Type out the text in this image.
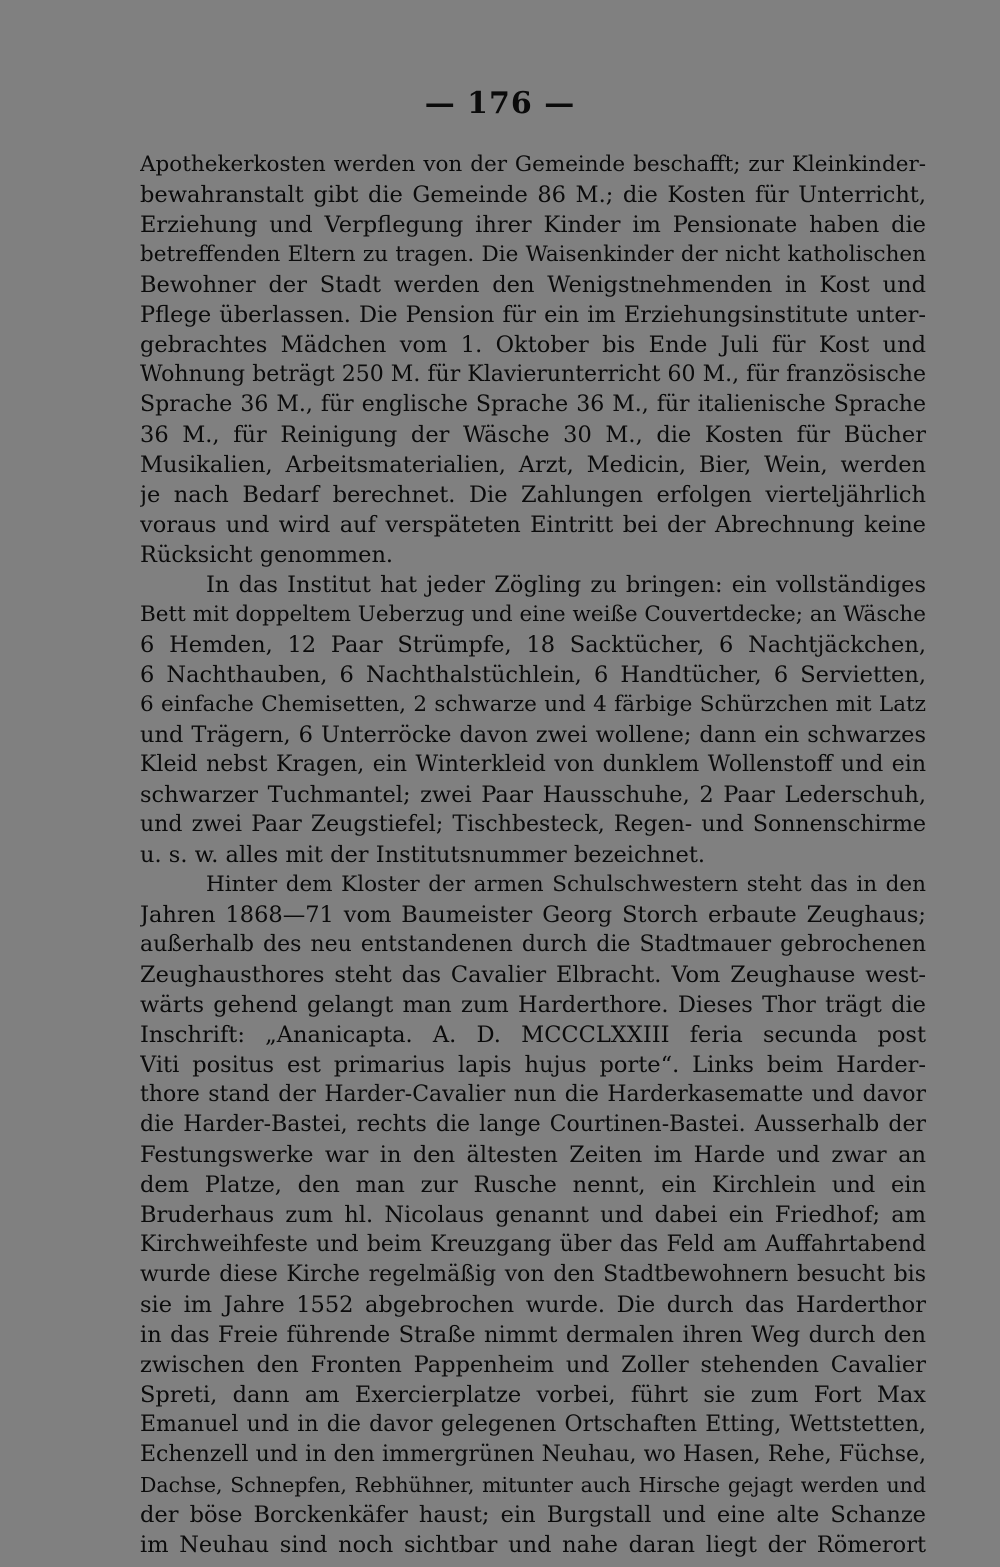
— 176 —
Apothekerkosten werden von der Gemeinde beschafft; zur Kleinkinder-
bewahranstalt gibt die Gemeinde 86 M.; die Kosten für Unterricht,
Erziehung und Verpflegung ihrer Kinder im Pensionate haben die
betreffenden Eltern zu tragen. Die Waisenkinder der nicht katholischen
Bewohner der Stadt werden den Wenigstnehmenden in Kost und
Pflege überlassen. Die Pension für ein im Erziehungsinstitute unter-
gebrachtes Mädchen vom 1. Oktober bis Ende Juli für Kost und
Wohnung beträgt 250 M. für Klavierunterricht 60 M., für französische
Sprache 36 M., für englische Sprache 36 M., für italienische Sprache
36 M., für Reinigung der Wäsche 30 M., die Kosten für Bücher
Musikalien, Arbeitsmaterialien, Arzt, Medicin, Bier, Wein, werden
je nach Bedarf berechnet. Die Zahlungen erfolgen vierteljährlich
voraus und wird auf verspäteten Eintritt bei der Abrechnung keine
Rücksicht genommen.
In das Institut hat jeder Zögling zu bringen: ein vollständiges
Bett mit doppeltem Ueberzug und eine weiße Couvertdecke; an Wäsche
6 Hemden, 12 Paar Strümpfe, 18 Sacktücher, 6 Nachtjäckchen,
6 Nachthauben, 6 Nachthalstüchlein, 6 Handtücher, 6 Servietten,
6 einfache Chemisetten, 2 schwarze und 4 färbige Schürzchen mit Latz
und Trägern, 6 Unterröcke davon zwei wollene; dann ein schwarzes
Kleid nebst Kragen, ein Winterkleid von dunklem Wollenstoff und ein
schwarzer Tuchmantel; zwei Paar Hausschuhe, 2 Paar Lederschuh,
und zwei Paar Zeugstiefel; Tischbesteck, Regen- und Sonnenschirme
u. s. w. alles mit der Institutsnummer bezeichnet.
Hinter dem Kloster der armen Schulschwestern steht das in den
Jahren 1868—71 vom Baumeister Georg Storch erbaute Zeughaus;
außerhalb des neu entstandenen durch die Stadtmauer gebrochenen
Zeughausthores steht das Cavalier Elbracht. Vom Zeughause west-
wärts gehend gelangt man zum Harderthore. Dieses Thor trägt die
Inschrift: „Ananicapta. A. D. MCCCLXXIII feria secunda post
Viti positus est primarius lapis hujus porte“. Links beim Harder-
thore stand der Harder-Cavalier nun die Harderkasematte und davor
die Harder-Bastei, rechts die lange Courtinen-Bastei. Ausserhalb der
Festungswerke war in den ältesten Zeiten im Harde und zwar an
dem Platze, den man zur Rusche nennt, ein Kirchlein und ein
Bruderhaus zum hl. Nicolaus genannt und dabei ein Friedhof; am
Kirchweihfeste und beim Kreuzgang über das Feld am Auffahrtabend
wurde diese Kirche regelmäßig von den Stadtbewohnern besucht bis
sie im Jahre 1552 abgebrochen wurde. Die durch das Harderthor
in das Freie führende Straße nimmt dermalen ihren Weg durch den
zwischen den Fronten Pappenheim und Zoller stehenden Cavalier
Spreti, dann am Exercierplatze vorbei, führt sie zum Fort Max
Emanuel und in die davor gelegenen Ortschaften Etting, Wettstetten,
Echenzell und in den immergrünen Neuhau, wo Hasen, Rehe, Füchse,
Dachse, Schnepfen, Rebhühner, mitunter auch Hirsche gejagt werden und
der böse Borckenkäfer haust; ein Burgstall und eine alte Schanze
im Neuhau sind noch sichtbar und nahe daran liegt der Römerort
